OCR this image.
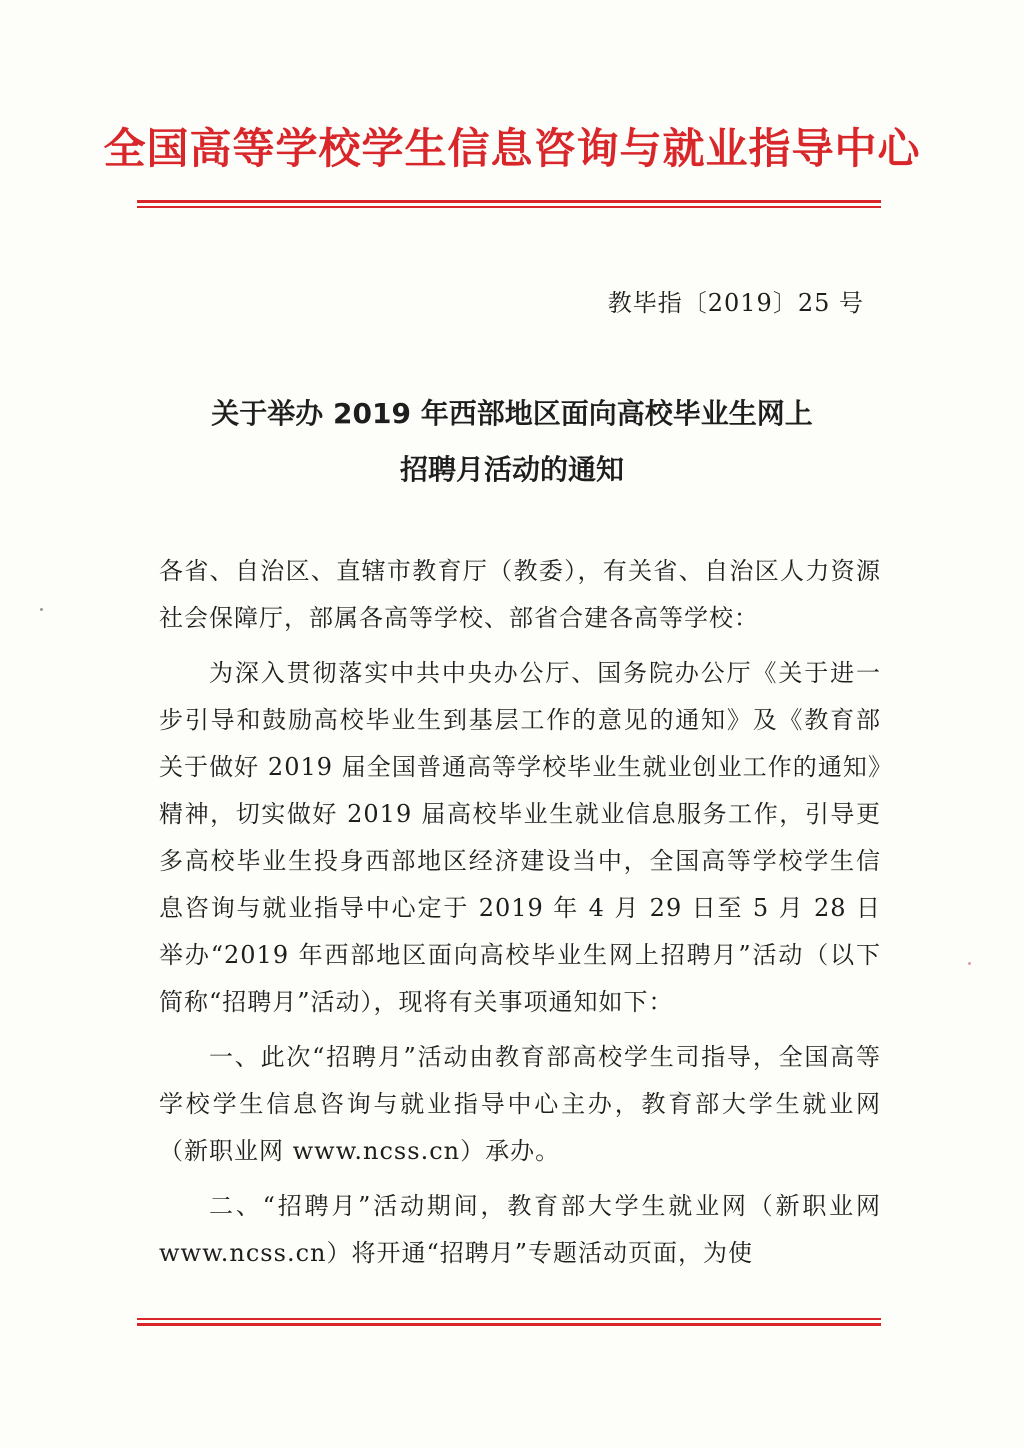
全国高等学校学生信息咨询与就业指导中心
教毕指〔2019〕25 号
关于举办 2019 年西部地区面向高校毕业生网上
招聘月活动的通知

各省、自治区、直辖市教育厅（教委），有关省、自治区人力资源社会保障厅，部属各高等学校、部省合建各高等学校：

为深入贯彻落实中共中央办公厅、国务院办公厅《关于进一步引导和鼓励高校毕业生到基层工作的意见的通知》及《教育部关于做好 2019 届全国普通高等学校毕业生就业创业工作的通知》精神，切实做好 2019 届高校毕业生就业信息服务工作，引导更多高校毕业生投身西部地区经济建设当中，全国高等学校学生信息咨询与就业指导中心定于 2019 年 4 月 29 日至 5 月 28 日举办“2019 年西部地区面向高校毕业生网上招聘月”活动（以下简称“招聘月”活动），现将有关事项通知如下：

一、此次“招聘月”活动由教育部高校学生司指导，全国高等学校学生信息咨询与就业指导中心主办，教育部大学生就业网（新职业网 www.ncss.cn）承办。

二、“招聘月”活动期间，教育部大学生就业网（新职业网 www.ncss.cn）将开通“招聘月”专题活动页面，为使
